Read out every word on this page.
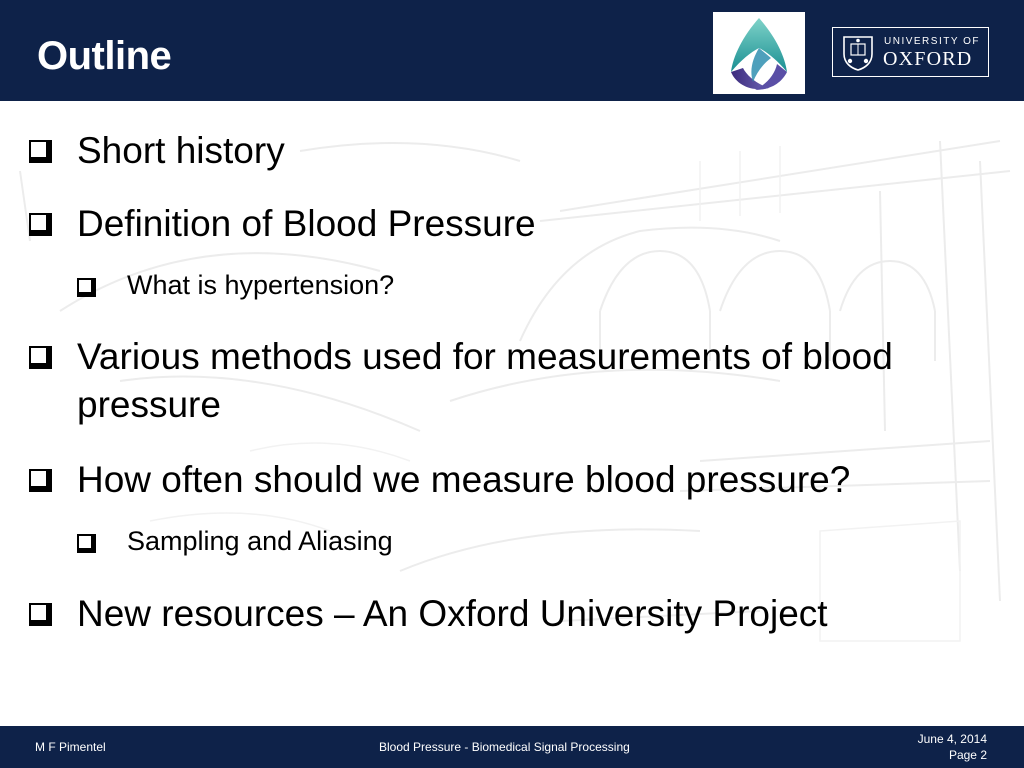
Outline	UNIVERSITY OF
OXFORD
Short history
Definition of Blood Pressure
What is hypertension?
Various methods used for measurements of blood
pressure
How often should we measure blood pressure?
Sampling and Aliasing
New resources – An Oxford University Project
M F Pimentel	Blood Pressure - Biomedical Signal Processing
June 4, 2014
Page 2
